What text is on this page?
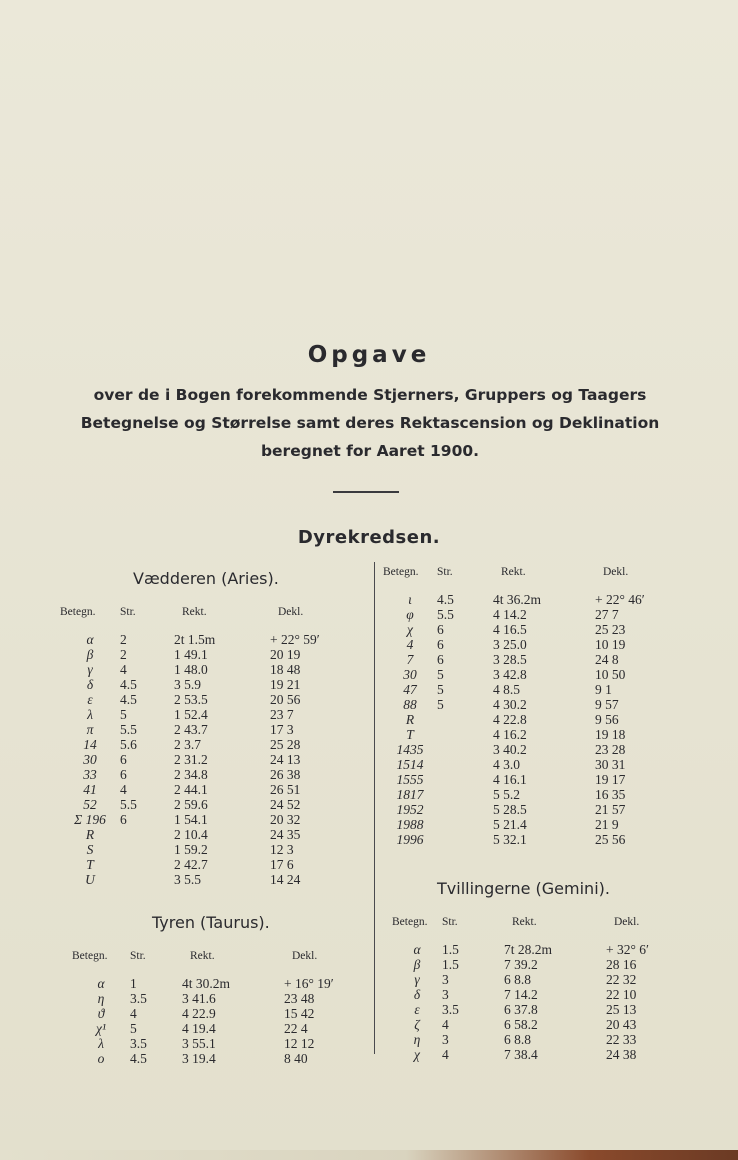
Opgave
over de i Bogen forekommende Stjerners, Gruppers og Taagers
Betegnelse og Størrelse samt deres Rektascension og Deklination
beregnet for Aaret 1900.
Dyrekredsen.
Vædderen (Aries).
Tyren (Taurus).
Tvillingerne (Gemini).
Betegn.	Str.	Rekt.	Dekl.
α	2	2t 1.5m	+ 22° 59′
β	2	1 49.1	20 19
γ	4	1 48.0	18 48
δ	4.5	3 5.9	19 21
ε	4.5	2 53.5	20 56
λ	5	1 52.4	23 7
π	5.5	2 43.7	17 3
14	5.6	2 3.7	25 28
30	6	2 31.2	24 13
33	6	2 34.8	26 38
41	4	2 44.1	26 51
52	5.5	2 59.6	24 52
Σ 196	6	1 54.1	20 32
R		2 10.4	24 35
S		1 59.2	12 3
T		2 42.7	17 6
U		3 5.5	14 24
Betegn.	Str.	Rekt.	Dekl.
α	1	4t 30.2m	+ 16° 19′
η	3.5	3 41.6	23 48
ϑ	4	4 22.9	15 42
χ¹	5	4 19.4	22 4
λ	3.5	3 55.1	12 12
o	4.5	3 19.4	8 40
Betegn.	Str.	Rekt.	Dekl.
ι	4.5	4t 36.2m	+ 22° 46′
φ	5.5	4 14.2	27 7
χ	6	4 16.5	25 23
4	6	3 25.0	10 19
7	6	3 28.5	24 8
30	5	3 42.8	10 50
47	5	4 8.5	9 1
88	5	4 30.2	9 57
R		4 22.8	9 56
T		4 16.2	19 18
1435		3 40.2	23 28
1514		4 3.0	30 31
1555		4 16.1	19 17
1817		5 5.2	16 35
1952		5 28.5	21 57
1988		5 21.4	21 9
1996		5 32.1	25 56
Betegn.	Str.	Rekt.	Dekl.
α	1.5	7t 28.2m	+ 32° 6′
β	1.5	7 39.2	28 16
γ	3	6 8.8	22 32
δ	3	7 14.2	22 10
ε	3.5	6 37.8	25 13
ζ	4	6 58.2	20 43
η	3	6 8.8	22 33
χ	4	7 38.4	24 38
